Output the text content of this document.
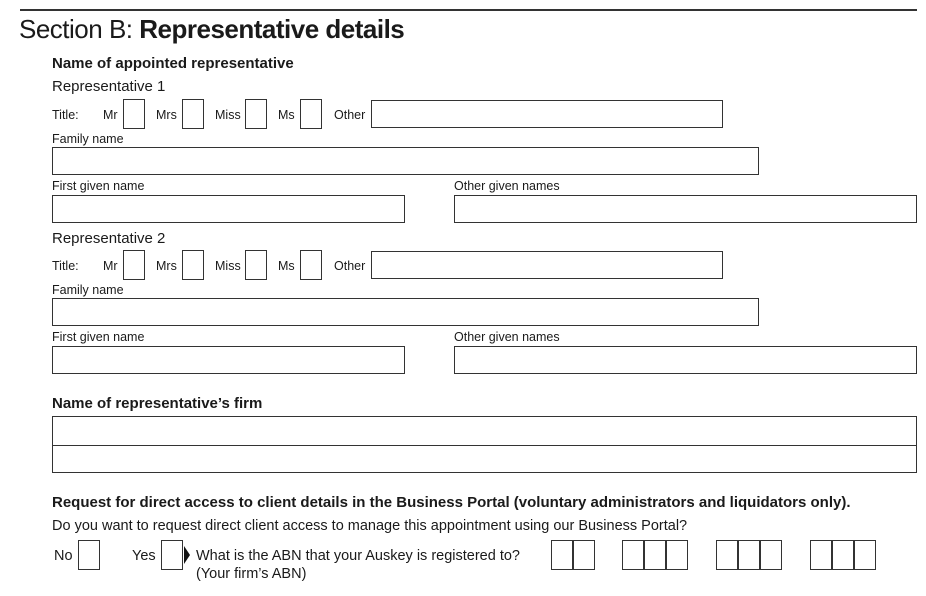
Section B: Representative details
Name of appointed representative
Representative 1
Title: Mr	Mrs	Miss	Ms	Other
Family name
First given name	Other given names
Representative 2
Title: Mr	Mrs	Miss	Ms	Other
Family name
First given name	Other given names
Name of representative’s firm
Request for direct access to client details in the Business Portal (voluntary administrators and liquidators only).
Do you want to request direct client access to manage this appointment using our Business Portal?
No	Yes	What is the ABN that your Auskey is registered to?
(Your firm’s ABN)
